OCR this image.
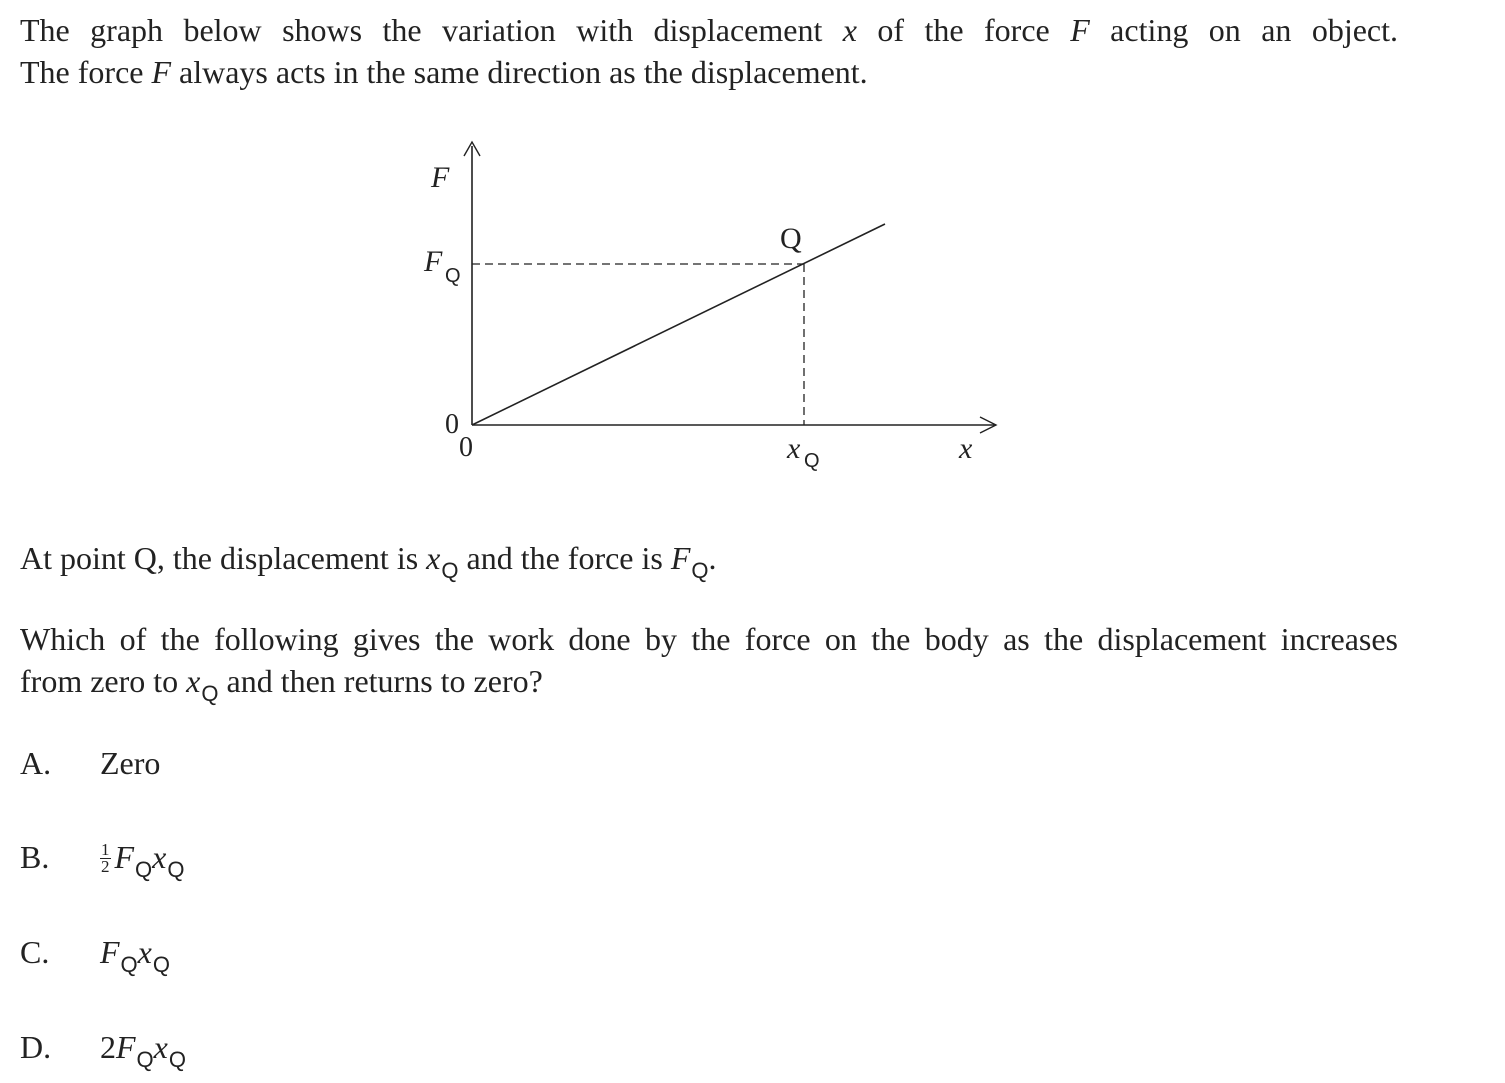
The graph below shows the variation with displacement x of the force F acting on an object.
The force F always acts in the same direction as the displacement.
F
F Q
Q
0
0	x Q	x
At point Q, the displacement is $x_Q$ and the force is $F_Q$.
Which of the following gives the work done by the force on the body as the displacement increases
from zero to $x_Q$ and then returns to zero?
A. Zero
B.	$\frac{1}{2} F_Qx_Q$
C. $F_Qx_Q$
D. $2F_Qx_Q$
